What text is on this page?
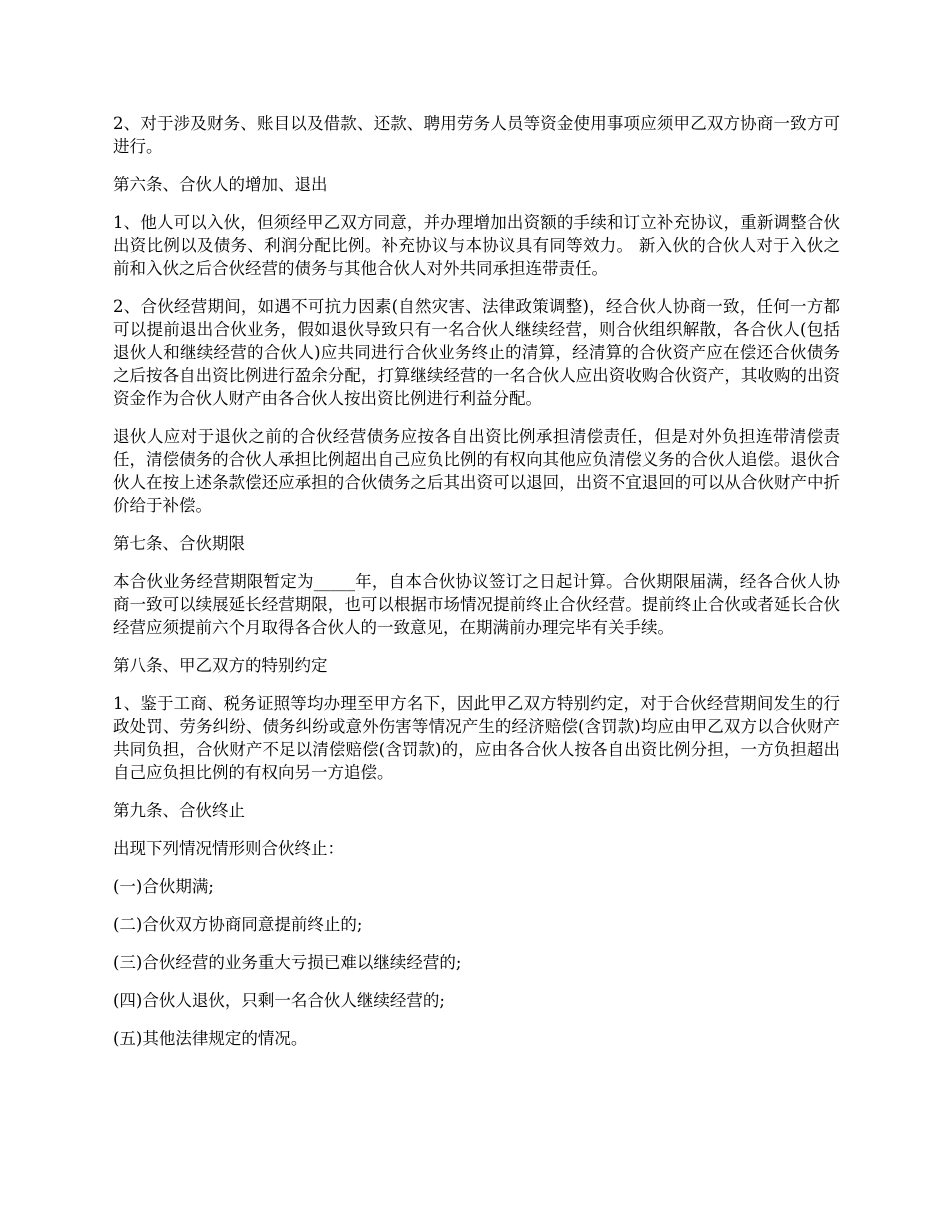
2、对于涉及财务、账目以及借款、还款、聘用劳务人员等资金使用事项应须甲乙双方协商一致方可进行。

第六条、合伙人的增加、退出

1、他人可以入伙，但须经甲乙双方同意，并办理增加出资额的手续和订立补充协议，重新调整合伙出资比例以及债务、利润分配比例。补充协议与本协议具有同等效力。 新入伙的合伙人对于入伙之前和入伙之后合伙经营的债务与其他合伙人对外共同承担连带责任。

2、合伙经营期间，如遇不可抗力因素(自然灾害、法律政策调整)，经合伙人协商一致，任何一方都可以提前退出合伙业务，假如退伙导致只有一名合伙人继续经营，则合伙组织解散，各合伙人(包括退伙人和继续经营的合伙人)应共同进行合伙业务终止的清算，经清算的合伙资产应在偿还合伙债务之后按各自出资比例进行盈余分配，打算继续经营的一名合伙人应出资收购合伙资产，其收购的出资资金作为合伙人财产由各合伙人按出资比例进行利益分配。

退伙人应对于退伙之前的合伙经营债务应按各自出资比例承担清偿责任，但是对外负担连带清偿责任，清偿债务的合伙人承担比例超出自己应负比例的有权向其他应负清偿义务的合伙人追偿。退伙合伙人在按上述条款偿还应承担的合伙债务之后其出资可以退回，出资不宜退回的可以从合伙财产中折价给于补偿。

第七条、合伙期限

本合伙业务经营期限暂定为_____年，自本合伙协议签订之日起计算。合伙期限届满，经各合伙人协商一致可以续展延长经营期限，也可以根据市场情况提前终止合伙经营。提前终止合伙或者延长合伙经营应须提前六个月取得各合伙人的一致意见，在期满前办理完毕有关手续。

第八条、甲乙双方的特别约定

1、鉴于工商、税务证照等均办理至甲方名下，因此甲乙双方特别约定，对于合伙经营期间发生的行政处罚、劳务纠纷、债务纠纷或意外伤害等情况产生的经济赔偿(含罚款)均应由甲乙双方以合伙财产共同负担，合伙财产不足以清偿赔偿(含罚款)的，应由各合伙人按各自出资比例分担，一方负担超出自己应负担比例的有权向另一方追偿。

第九条、合伙终止

出现下列情况情形则合伙终止：

(一)合伙期满;

(二)合伙双方协商同意提前终止的;

(三)合伙经营的业务重大亏损已难以继续经营的;

(四)合伙人退伙，只剩一名合伙人继续经营的;

(五)其他法律规定的情况。
